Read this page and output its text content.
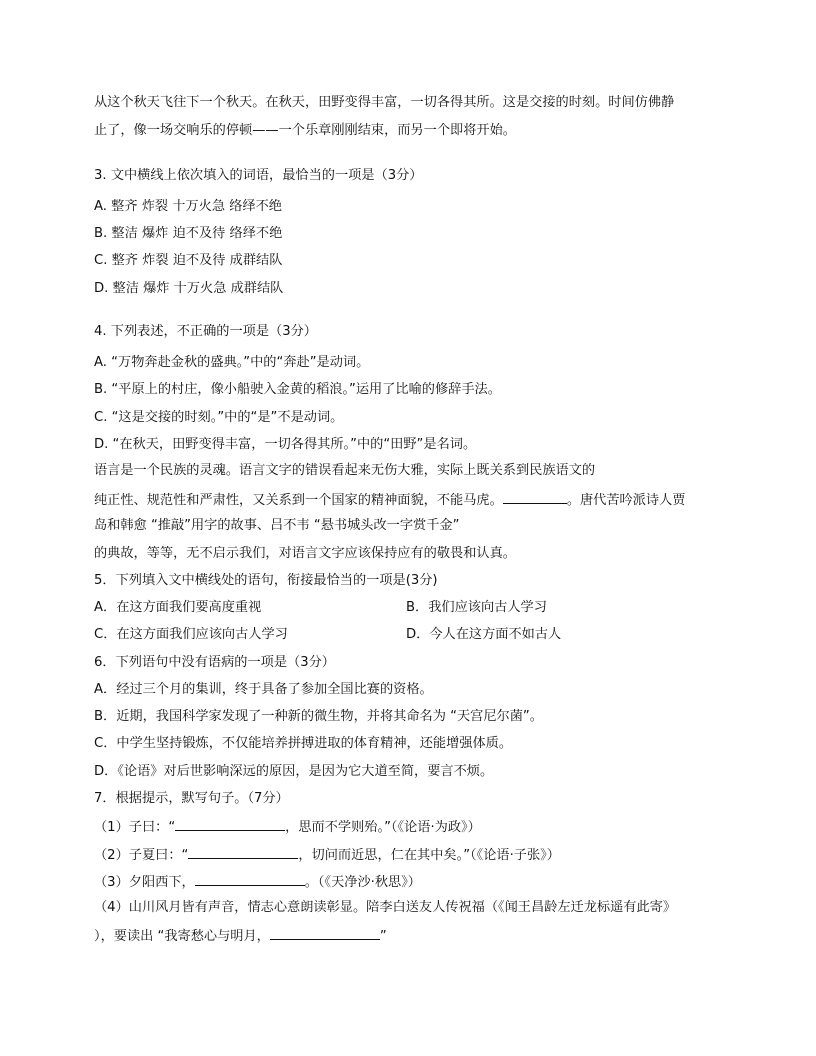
从这个秋天飞往下一个秋天。在秋天，田野变得丰富，一切各得其所。这是交接的时刻。时间仿佛静
止了，像一场交响乐的停顿——一个乐章刚刚结束，而另一个即将开始。
3. 文中横线上依次填入的词语，最恰当的一项是（3分）
A. 整齐 炸裂 十万火急 络绎不绝
B. 整洁 爆炸 迫不及待 络绎不绝
C. 整齐 炸裂 迫不及待 成群结队
D. 整洁 爆炸 十万火急 成群结队
4. 下列表述，不正确的一项是（3分）
A. “万物奔赴金秋的盛典。”中的“奔赴”是动词。
B. “平原上的村庄，像小船驶入金黄的稻浪。”运用了比喻的修辞手法。
C. “这是交接的时刻。”中的“是”不是动词。
D. “在秋天，田野变得丰富，一切各得其所。”中的“田野”是名词。
语言是一个民族的灵魂。语言文字的错误看起来无伤大雅，实际上既关系到民族语文的
纯正性、规范性和严肃性，又关系到一个国家的精神面貌，不能马虎。	。唐代苦吟派诗人贾
岛和韩愈 “推敲”用字的故事、吕不韦 “悬书城头改一字赏千金”
的典故，等等，无不启示我们，对语言文字应该保持应有的敬畏和认真。
5．下列填入文中横线处的语句，衔接最恰当的一项是(3分)
A．在这方面我们要高度重视	B．我们应该向古人学习
C．在这方面我们应该向古人学习	D．今人在这方面不如古人
6．下列语句中没有语病的一项是（3分）
A．经过三个月的集训，终于具备了参加全国比赛的资格。
B．近期，我国科学家发现了一种新的微生物，并将其命名为 “天宫尼尔菌”。
C．中学生坚持锻炼，不仅能培养拼搏进取的体育精神，还能增强体质。
D．《论语》对后世影响深远的原因，是因为它大道至简，要言不烦。
7．根据提示，默写句子。（7分）
（1）子曰：“	，思而不学则殆。”（《论语·为政》）
（2）子夏曰：“	，切问而近思，仁在其中矣。”（《论语·子张》）
（3）夕阳西下，	。（《天净沙·秋思》）
（4）山川风月皆有声音，情志心意朗读彰显。陪李白送友人传祝福（《闻王昌龄左迁龙标遥有此寄》
），要读出 “我寄愁心与明月，	”
